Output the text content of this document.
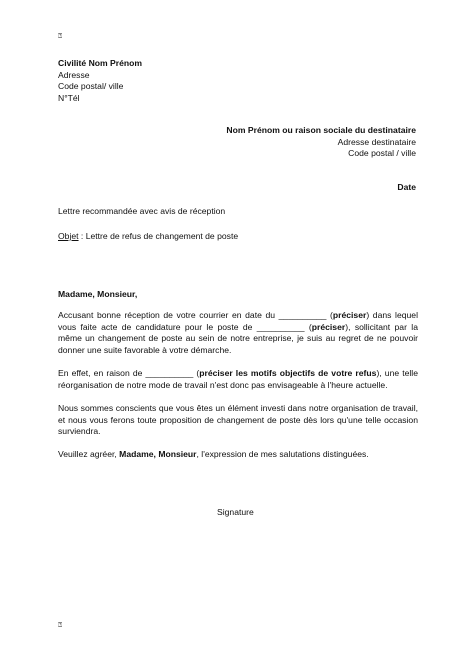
⍰
Civilité Nom Prénom
Adresse
Code postal/ ville
N°Tél
Nom Prénom ou raison sociale du destinataire
Adresse destinataire
Code postal / ville
Date
Lettre recommandée avec avis de réception
Objet : Lettre de refus de changement de poste
Madame, Monsieur,
Accusant bonne réception de votre courrier en date du __________ (préciser) dans lequel vous faite acte de candidature pour le poste de __________ (préciser), sollicitant par la même un changement de poste au sein de notre entreprise, je suis au regret de ne pouvoir donner une suite favorable à votre démarche.
En effet, en raison de __________ (préciser les motifs objectifs de votre refus), une telle réorganisation de notre mode de travail n'est donc pas envisageable à l'heure actuelle.
Nous sommes conscients que vous êtes un élément investi dans notre organisation de travail, et nous vous ferons toute proposition de changement de poste dès lors qu'une telle occasion surviendra.
Veuillez agréer, Madame, Monsieur, l'expression de mes salutations distinguées.
Signature
⍰
